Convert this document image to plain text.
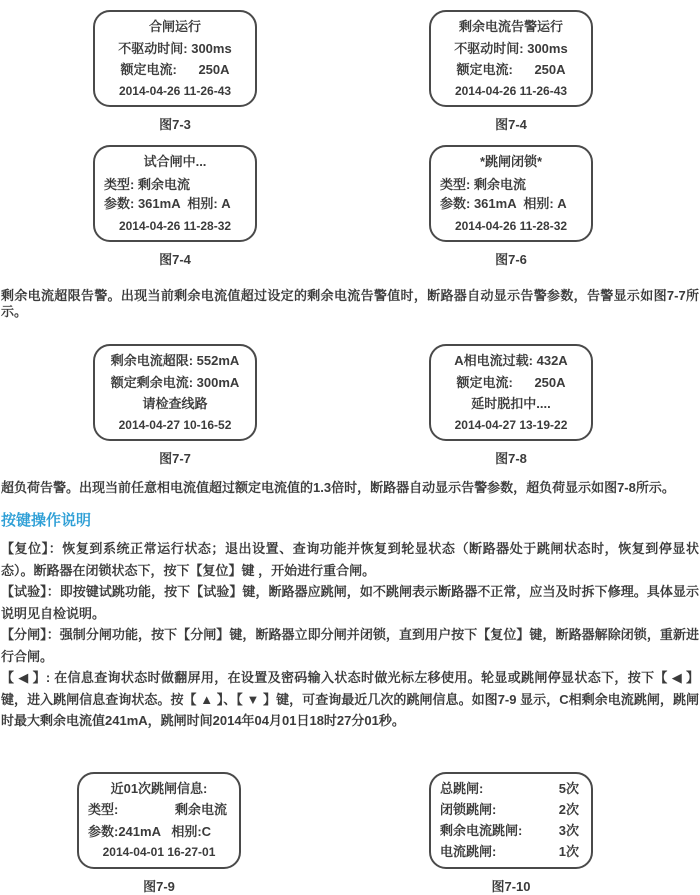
合闸运行
不驱动时间: 300ms
额定电流:      250A
2014-04-26 11-26-43
图7-3
剩余电流告警运行
不驱动时间: 300ms
额定电流:      250A
2014-04-26 11-26-43
图7-4
试合闸中...
类型: 剩余电流
参数: 361mA  相别: A
2014-04-26 11-28-32
图7-4
*跳闸闭锁*
类型: 剩余电流
参数: 361mA  相别: A
2014-04-26 11-28-32
图7-6

剩余电流超限告警。出现当前剩余电流值超过设定的剩余电流告警值时，断路器自动显示告警参数，告警显示如图7-7所示。

剩余电流超限: 552mA
额定剩余电流: 300mA
请检查线路
2014-04-27 10-16-52
图7-7
A相电流过载: 432A
额定电流:      250A
延时脱扣中....
2014-04-27 13-19-22
图7-8

超负荷告警。出现当前任意相电流值超过额定电流值的1.3倍时，断路器自动显示告警参数，超负荷显示如图7-8所示。

按键操作说明

【复位】：恢复到系统正常运行状态；退出设置、查询功能并恢复到轮显状态（断路器处于跳闸状态时，恢复到停显状态）。断路器在闭锁状态下，按下【复位】键 ，开始进行重合闸。

【试验】：即按键试跳功能，按下【试验】键，断路器应跳闸，如不跳闸表示断路器不正常，应当及时拆下修理。具体显示说明见自检说明。

【分闸】：强制分闸功能，按下【分闸】键，断路器立即分闸并闭锁，直到用户按下【复位】键，断路器解除闭锁，重新进行合闸。

【 ◀ 】: 在信息查询状态时做翻屏用，在设置及密码输入状态时做光标左移使用。轮显或跳闸停显状态下，按下【 ◀ 】键，进入跳闸信息查询状态。按【 ▲ 】、【 ▼ 】键，可查询最近几次的跳闸信息。如图7-9 显示，C相剩余电流跳闸，跳闸时最大剩余电流值241mA，跳闸时间2014年04月01日18时27分01秒。

近01次跳闸信息:
类型:	剩余电流
参数:241mA   相别:C
2014-04-01 16-27-01
图7-9
总跳闸:	5次
闭锁跳闸:	2次
剩余电流跳闸:	3次
电流跳闸:	1次
图7-10
